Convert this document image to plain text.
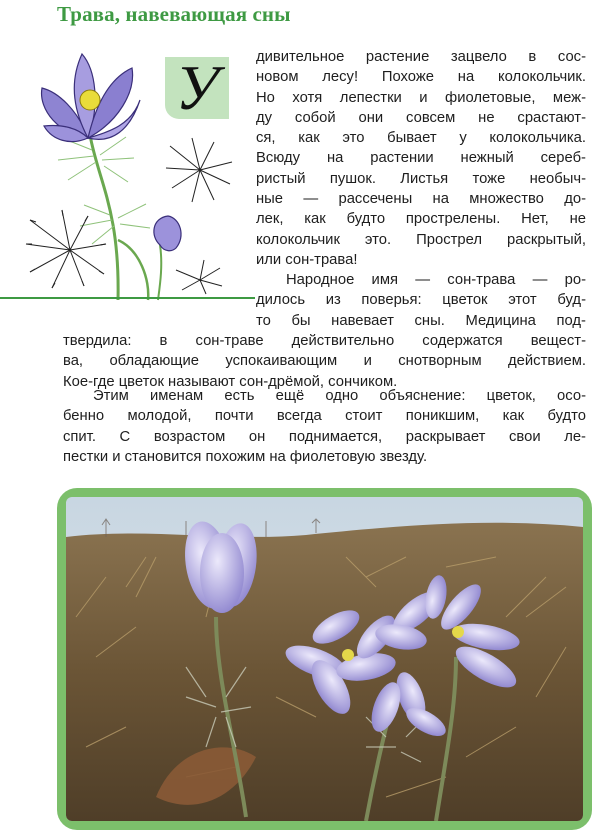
Трава, навевающая сны
У	дивительное растение зацвело в сос-
новом лесу! Похоже на колокольчик.
Но хотя лепестки и фиолетовые, меж-
ду собой они совсем не срастают-
ся, как это бывает у колокольчика.
Всюду на растении нежный сереб-
ристый пушок. Листья тоже необыч-
ные — рассечены на множество до-
лек, как будто прострелены. Нет, не
колокольчик это. Прострел раскрытый,
или сон-трава!
Народное имя — сон-трава — ро-
дилось из поверья: цветок этот буд-
то бы навевает сны. Медицина под-
твердила: в сон-траве действительно содержатся вещест-
ва, обладающие успокаивающим и снотворным действием.
Кое-где цветок называют сон-дрёмой, сончиком.
Этим именам есть ещё одно объяснение: цветок, осо-
бенно молодой, почти всегда стоит поникшим, как будто
спит. С возрастом он поднимается, раскрывает свои ле-
пестки и становится похожим на фиолетовую звезду.
